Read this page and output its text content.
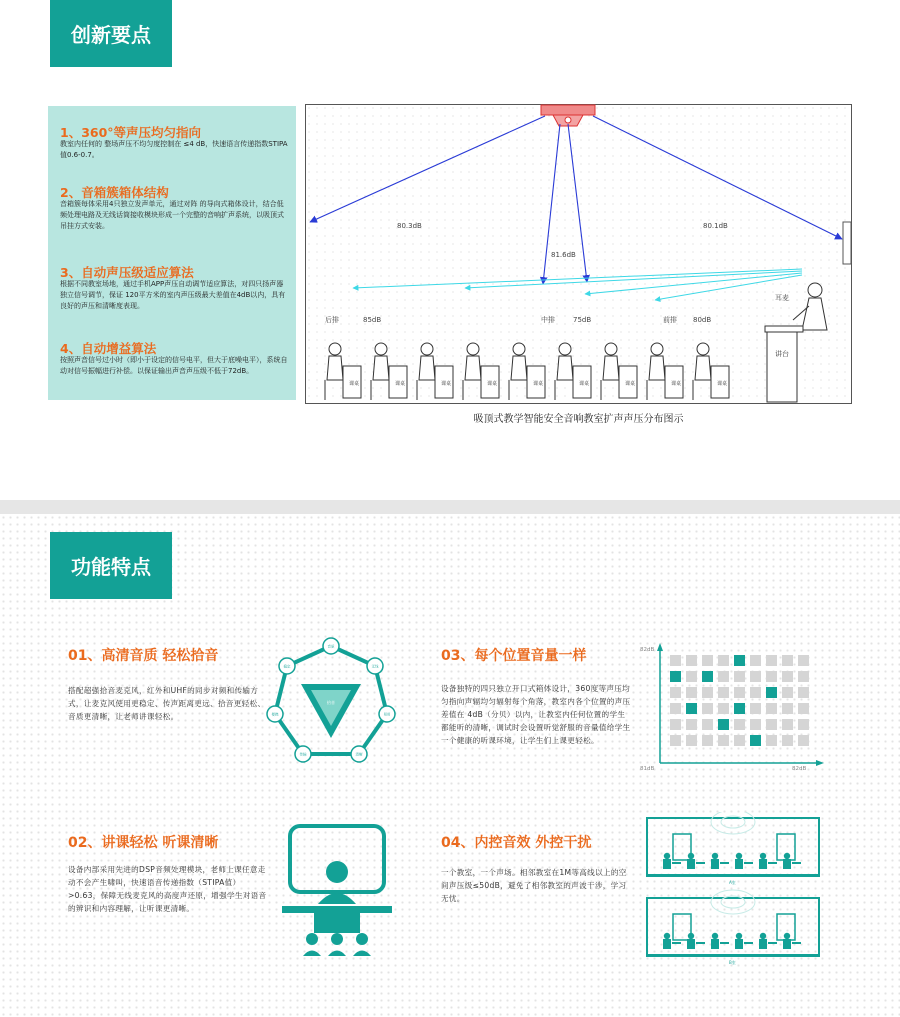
创新要点
1、360°等声压均匀指向
教室内任何的 整场声压不均匀度控制在 ≤4 dB，快速语言传递指数STIPA值0.6-0.7。
2、音箱簇箱体结构
音箱簇每体采用4只独立发声单元，通过对阵 的导向式箱体设计，结合低频处理电路及无线话筒接收模块形成一个完整的音响扩声系统，以吸顶式吊挂方式安装。
3、自动声压级适应算法
根据不同教室场地，通过手机APP声压自动调节适应算法，对四只扬声器独立信号调节，保证 120平方米的室内声压级最大差值在4dB以内，具有良好的声压和清晰度表现。
4、自动增益算法
按照声音信号过小时（即小于设定的信号电平，但大于底噪电平），系统自动对信号振幅进行补偿。以保证输出声音声压级不低于72dB。
80.3dB
81.6dB
80.1dB
后排	85dB	中排	75dB	前排 80dB
耳麦
课桌	课桌	课桌	课桌	课桌	课桌	课桌	课桌	课桌
讲台
吸顶式教学智能安全音响教室扩声声压分布图示
功能特点
01、高清音质 轻松拾音
搭配超强拾音麦克风，红外和UHF的同步对频和传输方式，让麦克风使用更稳定、传声距离更远、拾音更轻松、音质更清晰，让老师讲课轻松。
拾音
音质
无线
易用
清晰
传输
便携
稳定
02、讲课轻松 听课清晰
设备内部采用先进的DSP音频处理模块，老师上课任意走动不会产生啸叫，快速语音传递指数（STIPA值）>0.63，保障无线麦克风的高度声还原，增强学生对语音的辨识和内容理解，让听课更清晰。
03、每个位置音量一样
设备独特的四只独立开口式箱体设计，360度等声压均匀指向声辐均匀辐射每个角落，教室内各个位置的声压差值在 4dB（分贝）以内，让教室内任何位置的学生都能听的清晰，调试时会设置听觉舒服的音量值给学生一个健康的听课环境，让学生们上课更轻松。
82dB
81dB	82dB
04、内控音效 外控干扰
一个教室，一个声场。相邻教室在1M等高线以上的空间声压级≤50dB，避免了相邻教室的声波干涉，学习无忧。
A室
B室
